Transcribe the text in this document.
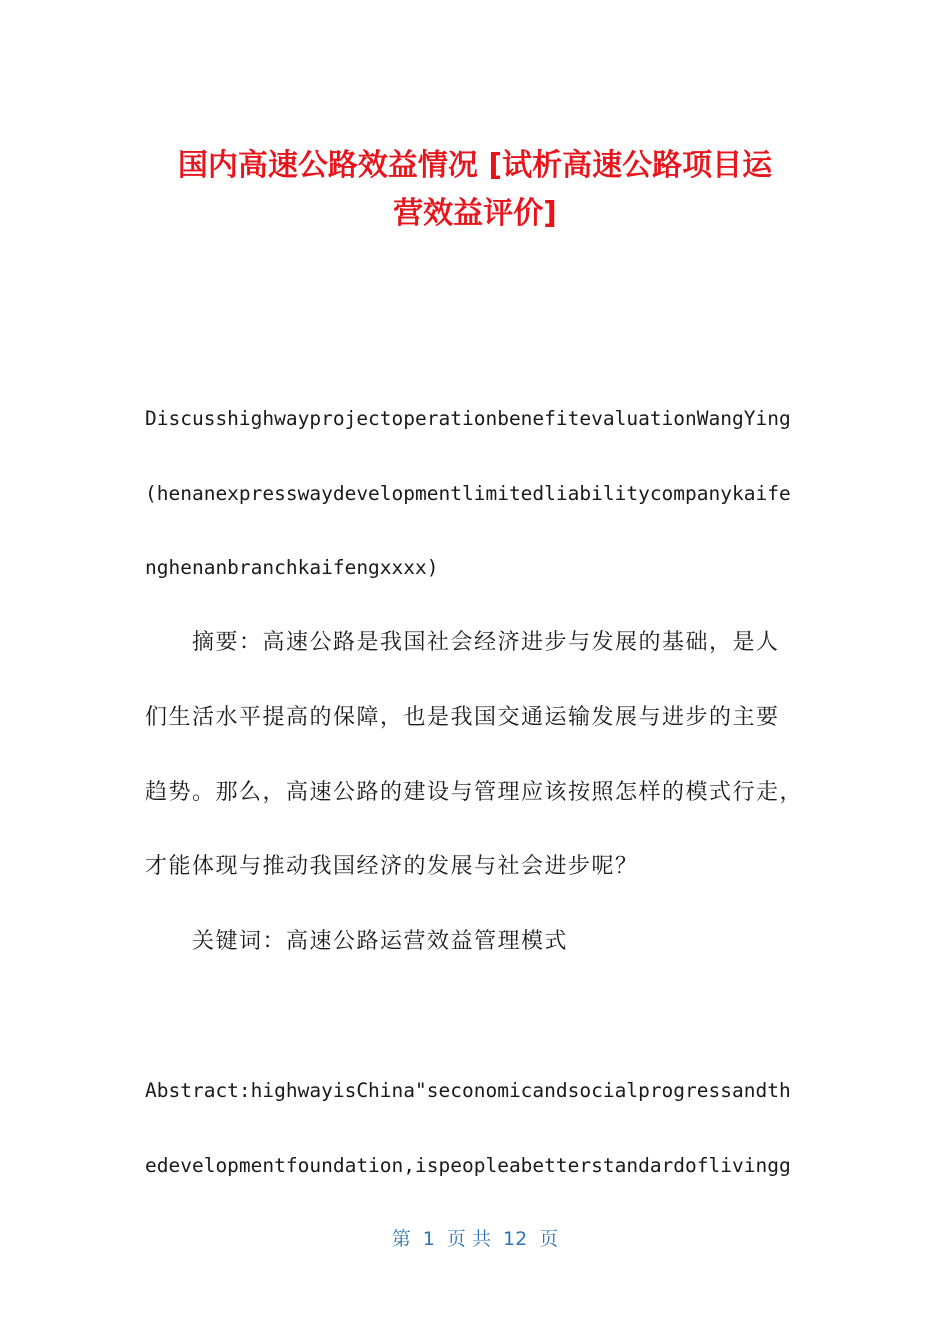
国内高速公路效益情况 [试析高速公路项目运
营效益评价]
DiscusshighwayprojectoperationbenefitevaluationWangYing
(henanexpresswaydevelopmentlimitedliabilitycompanykaife
nghenanbranchkaifengxxxx)
摘要：高速公路是我国社会经济进步与发展的基础，是人
们生活水平提高的保障，也是我国交通运输发展与进步的主要
趋势。那么，高速公路的建设与管理应该按照怎样的模式行走，
才能体现与推动我国经济的发展与社会进步呢？
关键词：高速公路运营效益管理模式
Abstract:highwayisChina"seconomicandsocialprogressandth
edevelopmentfoundation,ispeopleabetterstandardoflivingg
第  1  页 共  12  页
